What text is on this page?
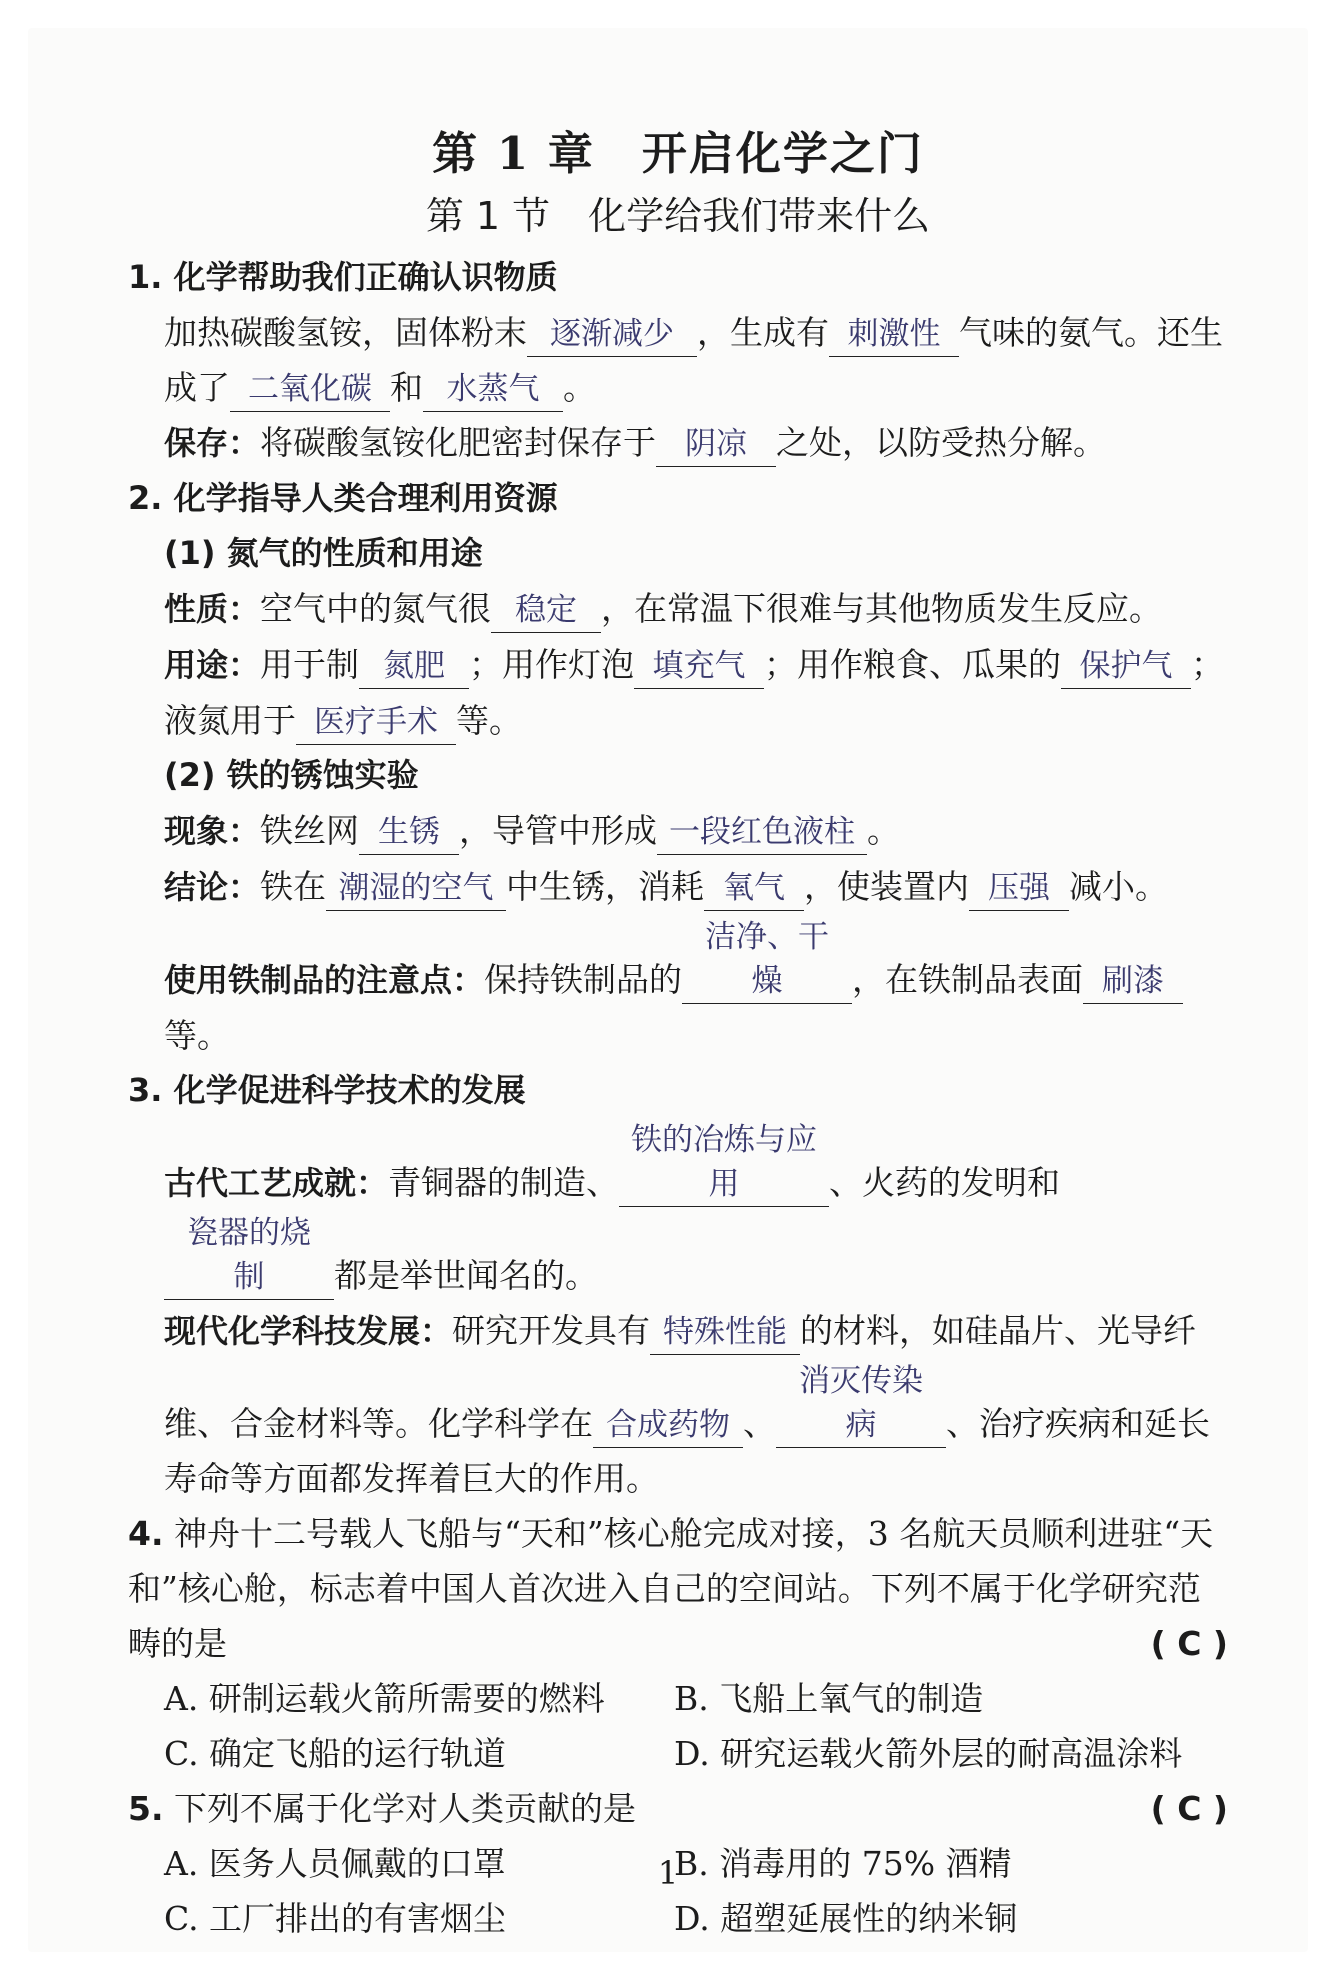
第 1 章　开启化学之门
第 1 节　化学给我们带来什么
1. 化学帮助我们正确认识物质

加热碳酸氢铵，固体粉末 逐渐减少 ，生成有 刺激性 气味的氨气。还生成了 二氧化碳 和 水蒸气 。

保存：将碳酸氢铵化肥密封保存于 阴凉 之处，以防受热分解。

2. 化学指导人类合理利用资源
(1) 氮气的性质和用途

性质：空气中的氮气很 稳定 ，在常温下很难与其他物质发生反应。

用途：用于制 氮肥 ；用作灯泡 填充气 ；用作粮食、瓜果的 保护气 ；液氮用于 医疗手术 等。

(2) 铁的锈蚀实验

现象：铁丝网 生锈 ，导管中形成 一段红色液柱 。

结论：铁在 潮湿的空气 中生锈，消耗 氧气 ，使装置内 压强 减小。

使用铁制品的注意点：保持铁制品的洁净、干燥 ，在铁制品表面 刷漆等。

3. 化学促进科学技术的发展

古代工艺成就：青铜器的制造、铁的冶炼与应用	、火药的发明和瓷器的烧制 都是举世闻名的。

现代化学科技发展：研究开发具有 特殊性能 的材料，如硅晶片、光导纤维、合金材料等。化学科学在 合成药物 、消灭传染病 、治疗疾病和延长寿命等方面都发挥着巨大的作用。

4. 神舟十二号载人飞船与“天和”核心舱完成对接，3 名航天员顺利进驻“天和”核心舱，标志着中国人首次进入自己的空间站。下列不属于化学研究范畴的是	( C )

A. 研制运载火箭所需要的燃料	B. 飞船上氧气的制造
C. 确定飞船的运行轨道	D. 研究运载火箭外层的耐高温涂料

5. 下列不属于化学对人类贡献的是	( C )

A. 医务人员佩戴的口罩	B. 消毒用的 75% 酒精
C. 工厂排出的有害烟尘	D. 超塑延展性的纳米铜
1
